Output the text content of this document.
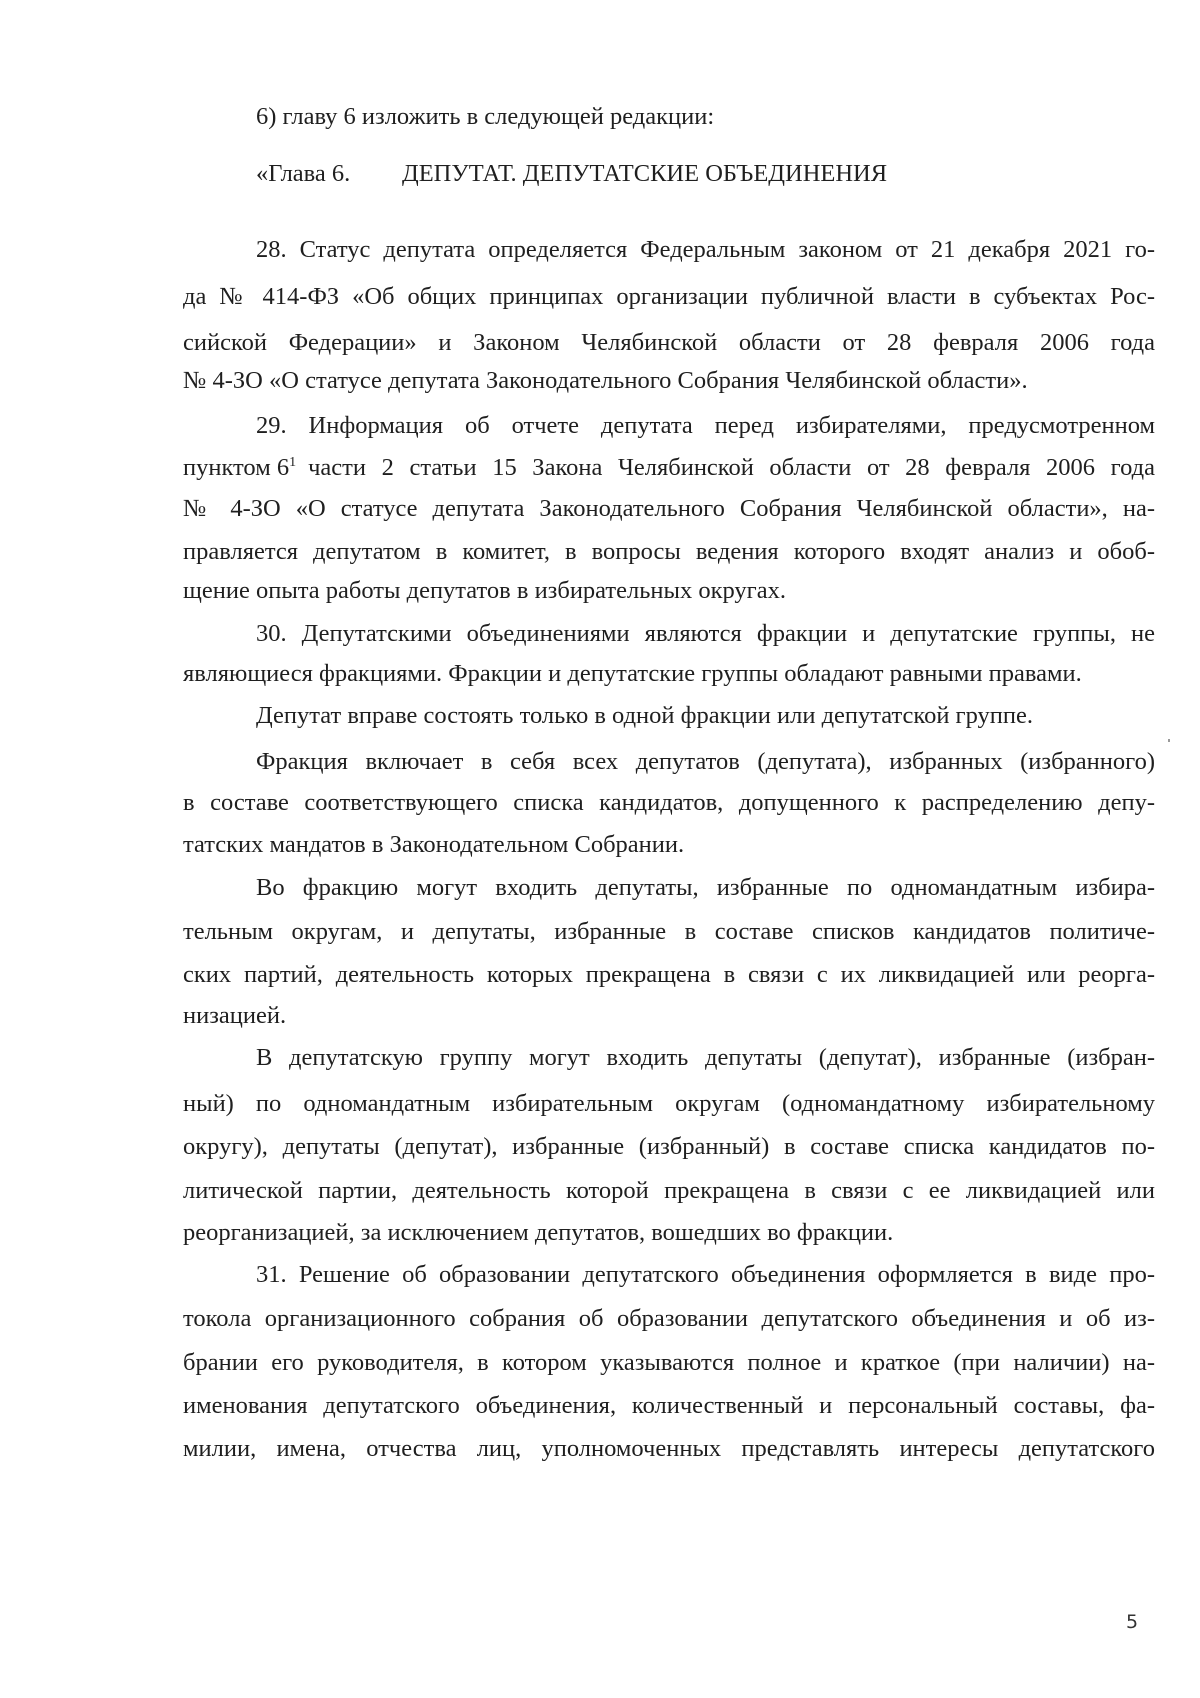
6) главу 6 изложить в следующей редакции:
«Глава 6. ДЕПУТАТ. ДЕПУТАТСКИЕ ОБЪЕДИНЕНИЯ
28. Статус депутата определяется Федеральным законом от 21 декабря 2021 го-
да № 414-ФЗ «Об общих принципах организации публичной власти в субъектах Рос-
сийской Федерации» и Законом Челябинской области от 28 февраля 2006 года
№ 4-ЗО «О статусе депутата Законодательного Собрания Челябинской области».
29. Информация об отчете депутата перед избирателями, предусмотренном
пунктом $6^1$ части 2 статьи 15 Закона Челябинской области от 28 февраля 2006 года
№ 4-ЗО «О статусе депутата Законодательного Собрания Челябинской области», на-
правляется депутатом в комитет, в вопросы ведения которого входят анализ и обоб-
щение опыта работы депутатов в избирательных округах.
30. Депутатскими объединениями являются фракции и депутатские группы, не
являющиеся фракциями. Фракции и депутатские группы обладают равными правами.
Депутат вправе состоять только в одной фракции или депутатской группе.
Фракция включает в себя всех депутатов (депутата), избранных (избранного)
в составе соответствующего списка кандидатов, допущенного к распределению депу-
татских мандатов в Законодательном Собрании.
Во фракцию могут входить депутаты, избранные по одномандатным избира-
тельным округам, и депутаты, избранные в составе списков кандидатов политиче-
ских партий, деятельность которых прекращена в связи с их ликвидацией или реорга-
низацией.
В депутатскую группу могут входить депутаты (депутат), избранные (избран-
ный) по одномандатным избирательным округам (одномандатному избирательному
округу), депутаты (депутат), избранные (избранный) в составе списка кандидатов по-
литической партии, деятельность которой прекращена в связи с ее ликвидацией или
реорганизацией, за исключением депутатов, вошедших во фракции.
31. Решение об образовании депутатского объединения оформляется в виде про-
токола организационного собрания об образовании депутатского объединения и об из-
брании его руководителя, в котором указываются полное и краткое (при наличии) на-
именования депутатского объединения, количественный и персональный составы, фа-
милии, имена, отчества лиц, уполномоченных представлять интересы депутатского
5
